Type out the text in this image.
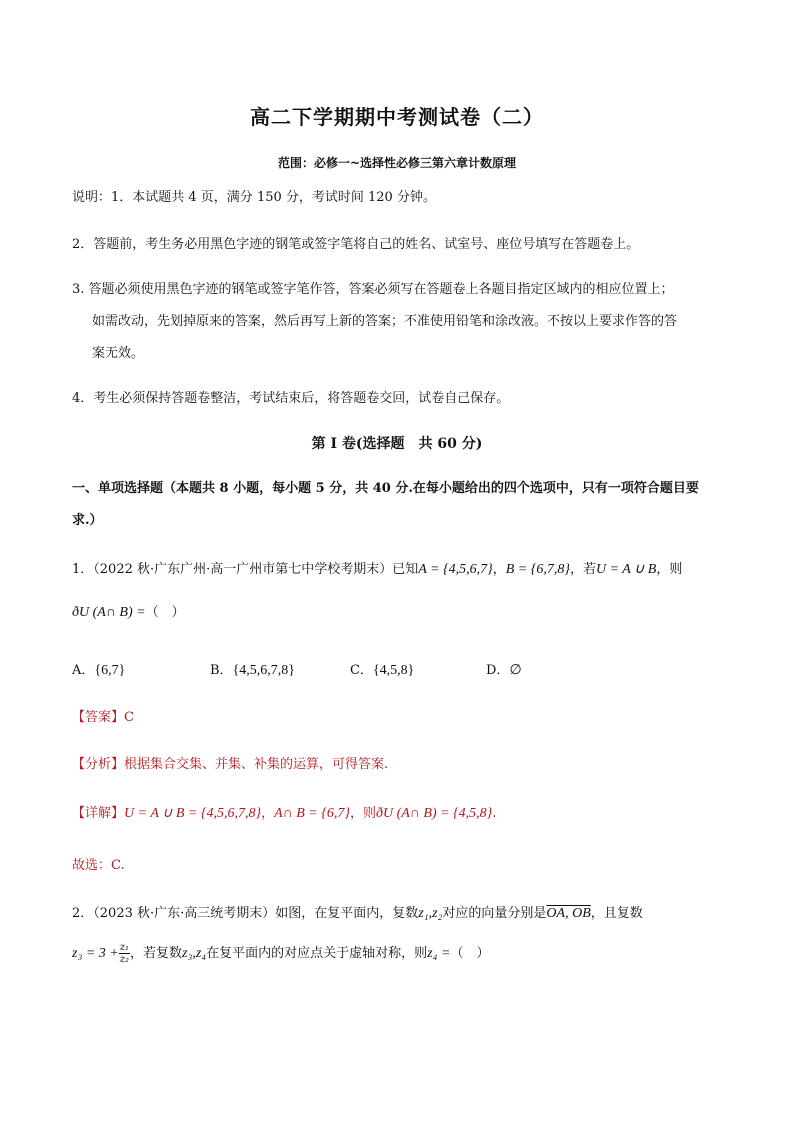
高二下学期期中考测试卷（二）
范围：必修一~选择性必修三第六章计数原理
说明：1．本试题共 4 页，满分 150 分，考试时间 120 分钟。
2．答题前，考生务必用黑色字迹的钢笔或签字笔将自己的姓名、试室号、座位号填写在答题卷上。
3. 答题必须使用黑色字迹的钢笔或签字笔作答，答案必须写在答题卷上各题目指定区域内的相应位置上；
如需改动，先划掉原来的答案，然后再写上新的答案；不准使用铅笔和涂改液。不按以上要求作答的答
案无效。
4．考生必须保持答题卷整洁，考试结束后，将答题卷交回，试卷自己保存。
第 I 卷(选择题　共 60 分)
一、单项选择题（本题共 8 小题，每小题 5 分，共 40 分.在每小题给出的四个选项中，只有一项符合题目要
求.）
1．（2022 秋·广东广州·高一广州市第七中学校考期末）已知A = {4,5,6,7}，B = {6,7,8}，若U = A ∪ B，则
ðU (A∩ B) =（　）
A．{6,7}	B．{4,5,6,7,8}	C．{4,5,8}	D．∅
【答案】C
【分析】根据集合交集、并集、补集的运算，可得答案.
【详解】U = A ∪ B = {4,5,6,7,8}，A∩ B = {6,7}，则ðU (A∩ B) = {4,5,8}.
故选：C.
2．（2023 秋·广东·高三统考期末）如图，在复平面内，复数z₁,z₂对应的向量分别是OA, OB，且复数
$z_3 = 3 + \frac{\text{z₁}}{\text{z₂}}$ ，若复数z₃,z₄在复平面内的对应点关于虚轴对称，则z₄ =（　）
